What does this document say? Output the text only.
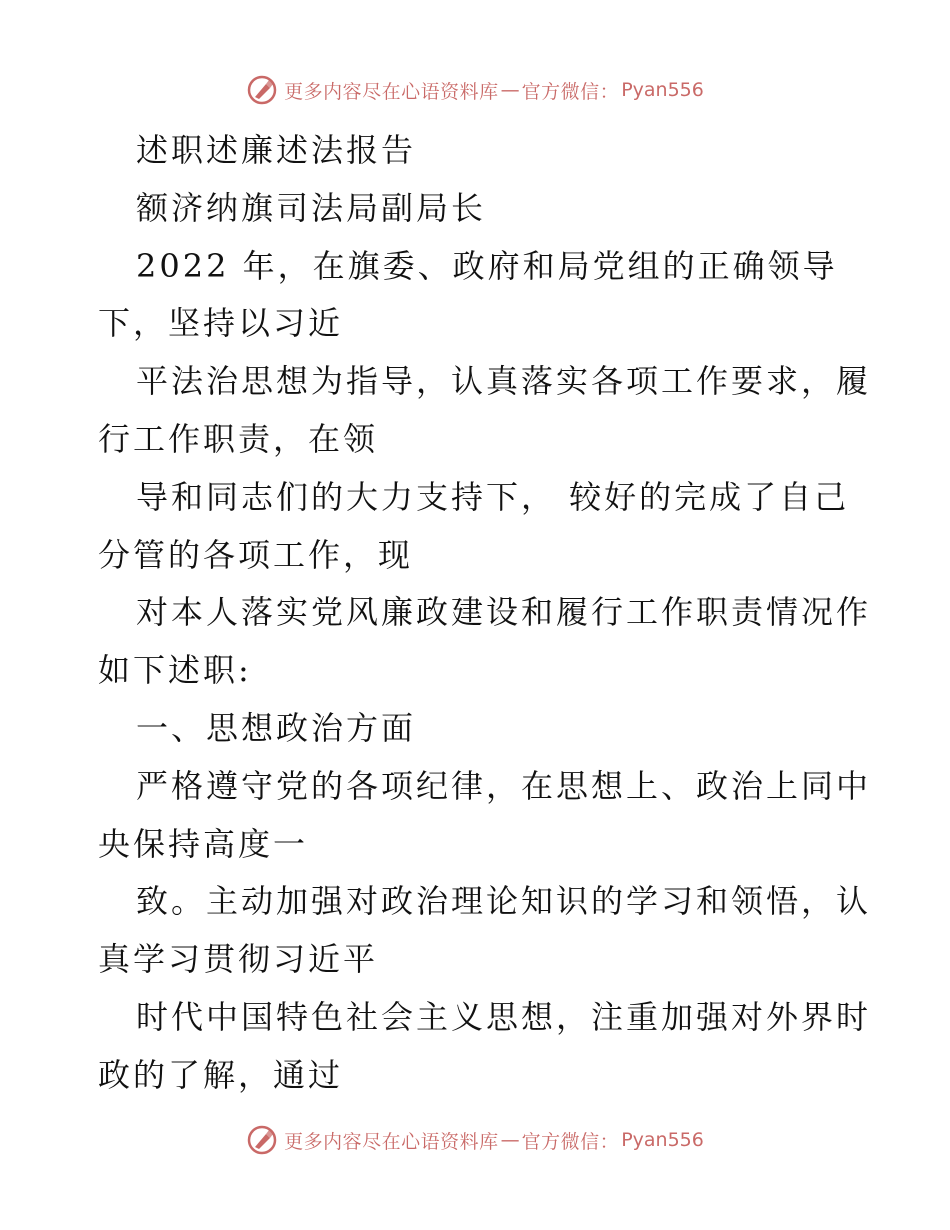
更多内容尽在心语资料库 — 官方微信： Pyan556
述职述廉述法报告
额济纳旗司法局副局长
2022 年，在旗委、政府和局党组的正确领导
下，坚持以习近
平法治思想为指导，认真落实各项工作要求，履
行工作职责，在领
导和同志们的大力支持下， 较好的完成了自己
分管的各项工作，现
对本人落实党风廉政建设和履行工作职责情况作
如下述职:
一、思想政治方面
严格遵守党的各项纪律，在思想上、政治上同中
央保持高度一
致。主动加强对政治理论知识的学习和领悟，认
真学习贯彻习近平
时代中国特色社会主义思想，注重加强对外界时
政的了解，通过
更多内容尽在心语资料库 — 官方微信： Pyan556
